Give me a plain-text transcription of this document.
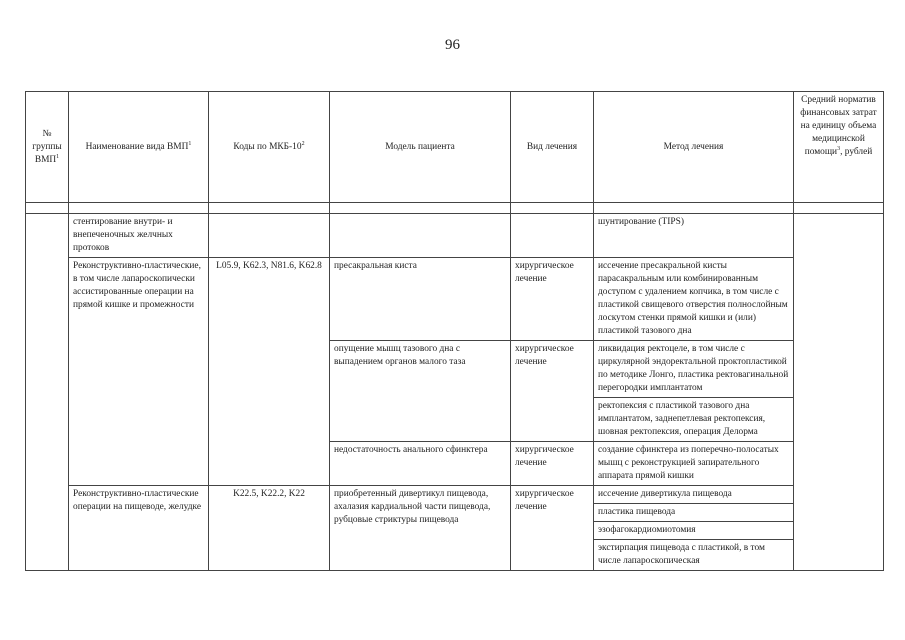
96
№ группы ВМП$^1$	Наименование вида ВМП$^1$	Коды по МКБ-$10^2$	Модель пациента	Вид лечения	Метод лечения	Средний норматив финансовых затрат на единицу объема медицинской помощи$^3$, рублей

	стентирование внутри- и внепеченочных желчных протоков				шунтирование (TIPS)	
	Реконструктивно-пластические, в том числе лапароскопически ассистированные операции на прямой кишке и промежности	L05.9, K62.3, N81.6, K62.8	пресакральная киста	хирургическое лечение	иссечение пресакральной кисты парасакральным или комбинированным доступом с удалением копчика, в том числе с пластикой свищевого отверстия полнослойным лоскутом стенки прямой кишки и (или) пластикой тазового дна	
			опущение мышц тазового дна с выпадением органов малого таза	хирургическое лечение	ликвидация ректоцеле, в том числе с циркулярной эндоректальной проктопластикой по методике Лонго, пластика ректовагинальной перегородки имплантатом	
					ректопексия с пластикой тазового дна имплантатом, заднепетлевая ректопексия, шовная ректопексия, операция Делорма	
			недостаточность анального сфинктера	хирургическое лечение	создание сфинктера из поперечно-полосатых мышц с реконструкцией запирательного аппарата прямой кишки	
	Реконструктивно-пластические операции на пищеводе, желудке	K22.5, K22.2, K22	приобретенный дивертикул пищевода, ахалазия кардиальной части пищевода, рубцовые стриктуры пищевода	хирургическое лечение	иссечение дивертикула пищевода	
					пластика пищевода	
					эзофагокардиомиотомия	
					экстирпация пищевода с пластикой, в том числе лапароскопическая	
